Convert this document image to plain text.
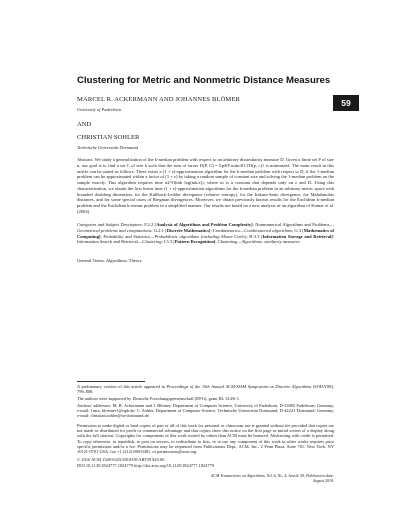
Clustering for Metric and Nonmetric Distance Measures
59
MARCEL R. ACKERMANN AND JOHANNES BLÖMER
University of Paderborn
AND
CHRISTIAN SOHLER
Technische Universität Dortmund
Abstract. We study a generalization of the k-median problem with respect to an arbitrary dissimilarity measure D. Given a finite set P of size n, our goal is to find a set C of size k such that the sum of errors D(P, C) = Σp∈P minc∈C{D(p, c)} is minimized. The main result in this article can be stated as follows: There exists a (1 + ε)-approximation algorithm for the k-median problem with respect to D, if the 1-median problem can be approximated within a factor of (1 + ε) by taking a random sample of constant size and solving the 1-median problem on the sample exactly. This algorithm requires time n2^O(mk log(mk/ε)), where m is a constant that depends only on ε and D. Using this characterization, we obtain the first linear time (1 + ε)-approximation algorithms for the k-median problem in an arbitrary metric space with bounded doubling dimension, for the Kullback-Leibler divergence (relative entropy), for the Itakura-Saito divergence, for Mahalanobis distances, and for some special cases of Bregman divergences. Moreover, we obtain previously known results for the Euclidean k-median problem and the Euclidean k-means problem in a simplified manner. Our results are based on a new analysis of an algorithm of Kumar et al. [2004].
Categories and Subject Descriptors: F.2.2 [Analysis of Algorithms and Problem Complexity]: Nonnumerical Algorithms and Problems—Geometrical problems and computations; G.2.1 [Discrete Mathematics]: Combinatorics—Combinatorial algorithms; G.3 [Mathematics of Computing]: Probability and Statistics—Probabilistic algorithms (including Monte Carlo); H.3.3 [Information Storage and Retrieval]: Information Search and Retrieval—Clustering; I.5.3 [Pattern Recognition]: Clustering—Algorithms; similarity measures
General Terms: Algorithms, Theory
A preliminary version of this article appeared in Proceedings of the 19th Annual ACM-SIAM Symposium on Discrete Algorithms (SODA'08), 799–808.
The authors were supported by Deutsche Forschungsgemeinschaft (DFG), grant BL 314/6-1.
Authors' addresses: M. R. Ackermann and J. Blömer, Department of Computer Science, University of Paderborn, D-33095 Paderborn, Germany, e-mail: {mra, bloemer}@upb.de; C. Sohler, Department of Computer Science, Technische Universität Dortmund, D-44221 Dortmund, Germany, e-mail: christian.sohler@tu-dortmund.de.
Permission to make digital or hard copies of part or all of this work for personal or classroom use is granted without fee provided that copies are not made or distributed for profit or commercial advantage and that copies show this notice on the first page or initial screen of a display along with the full citation. Copyrights for components of this work owned by others than ACM must be honored. Abstracting with credit is permitted. To copy otherwise, to republish, to post on servers, to redistribute to lists, or to use any component of this work in other works requires prior specific permission and/or a fee. Permissions may be requested from Publications Dept., ACM, Inc., 2 Penn Plaza, Suite 701, New York, NY 10121-0701 USA, fax +1 (212) 869-0481, or permissions@acm.org.
© 2010 ACM 1549-6325/2010/08-ART59 $10.00
DOI 10.1145/1824777.1824779 http://doi.acm.org/10.1145/1824777.1824779
ACM Transactions on Algorithms, Vol. 6, No. 4, Article 59, Publication date: August 2010.
